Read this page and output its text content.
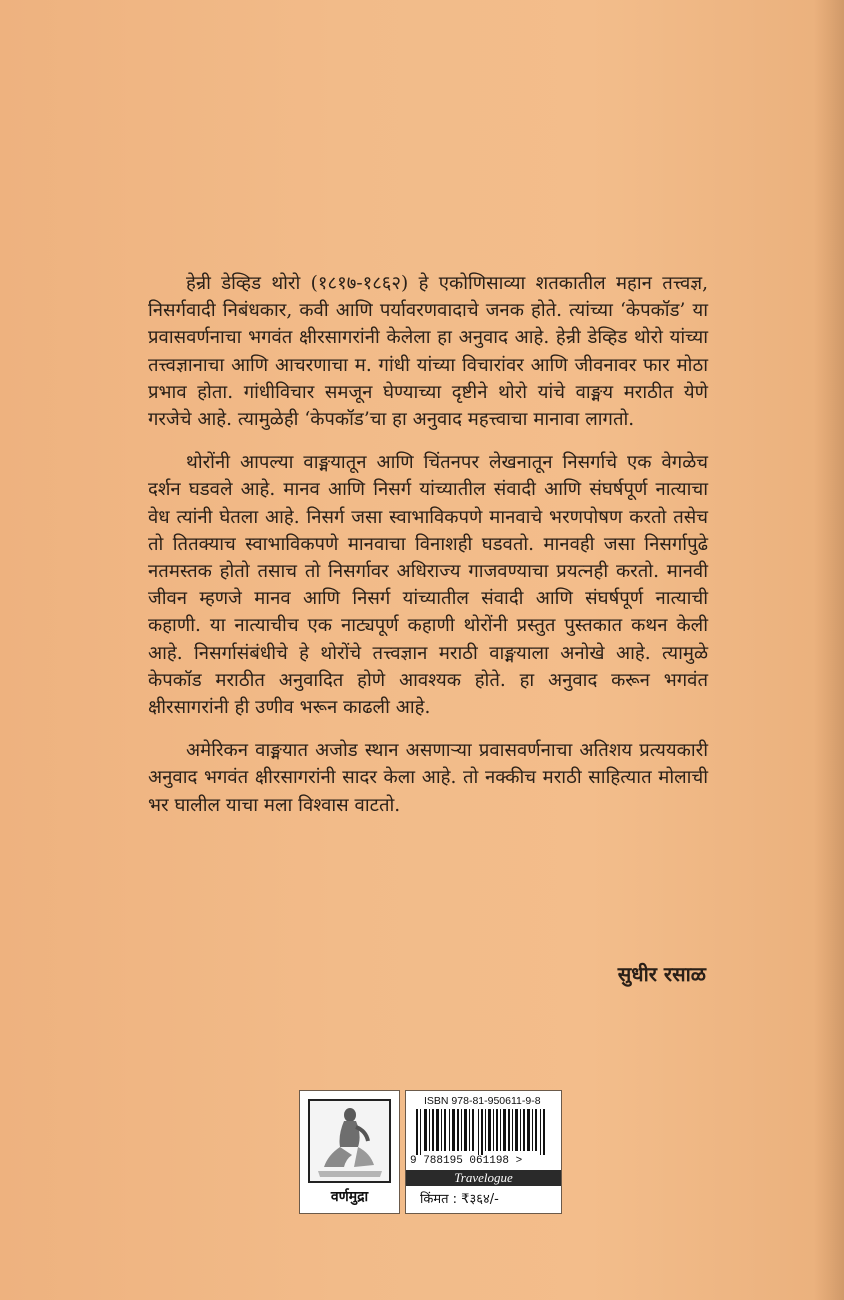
हेन्री डेव्हिड थोरो (१८१७-१८६२) हे एकोणिसाव्या शतकातील महान तत्त्वज्ञ, निसर्गवादी निबंधकार, कवी आणि पर्यावरणवादाचे जनक होते. त्यांच्या ‘केपकॉड’ या प्रवासवर्णनाचा भगवंत क्षीरसागरांनी केलेला हा अनुवाद आहे. हेन्री डेव्हिड थोरो यांच्या तत्त्वज्ञानाचा आणि आचरणाचा म. गांधी यांच्या विचारांवर आणि जीवनावर फार मोठा प्रभाव होता. गांधीविचार समजून घेण्याच्या दृष्टीने थोरो यांचे वाङ्मय मराठीत येणे गरजेचे आहे. त्यामुळेही ‘केपकॉड’चा हा अनुवाद महत्त्वाचा मानावा लागतो.

थोरोंनी आपल्या वाङ्मयातून आणि चिंतनपर लेखनातून निसर्गाचे एक वेगळेच दर्शन घडवले आहे. मानव आणि निसर्ग यांच्यातील संवादी आणि संघर्षपूर्ण नात्याचा वेध त्यांनी घेतला आहे. निसर्ग जसा स्वाभाविकपणे मानवाचे भरणपोषण करतो तसेच तो तितक्याच स्वाभाविकपणे मानवाचा विनाशही घडवतो. मानवही जसा निसर्गापुढे नतमस्तक होतो तसाच तो निसर्गावर अधिराज्य गाजवण्याचा प्रयत्नही करतो. मानवी जीवन म्हणजे मानव आणि निसर्ग यांच्यातील संवादी आणि संघर्षपूर्ण नात्याची कहाणी. या नात्याचीच एक नाट्यपूर्ण कहाणी थोरोंनी प्रस्तुत पुस्तकात कथन केली आहे. निसर्गासंबंधीचे हे थोरोंचे तत्त्वज्ञान मराठी वाङ्मयाला अनोखे आहे. त्यामुळे केपकॉड मराठीत अनुवादित होणे आवश्यक होते. हा अनुवाद करून भगवंत क्षीरसागरांनी ही उणीव भरून काढली आहे.

अमेरिकन वाङ्मयात अजोड स्थान असणाऱ्या प्रवासवर्णनाचा अतिशय प्रत्ययकारी अनुवाद भगवंत क्षीरसागरांनी सादर केला आहे. तो नक्कीच मराठी साहित्यात मोलाची भर घालील याचा मला विश्वास वाटतो.

सुधीर रसाळ
वर्णमुद्रा
ISBN 978-81-950611-9-8
9 788195 061198 >
Travelogue
किंमत : ₹३६४/-
